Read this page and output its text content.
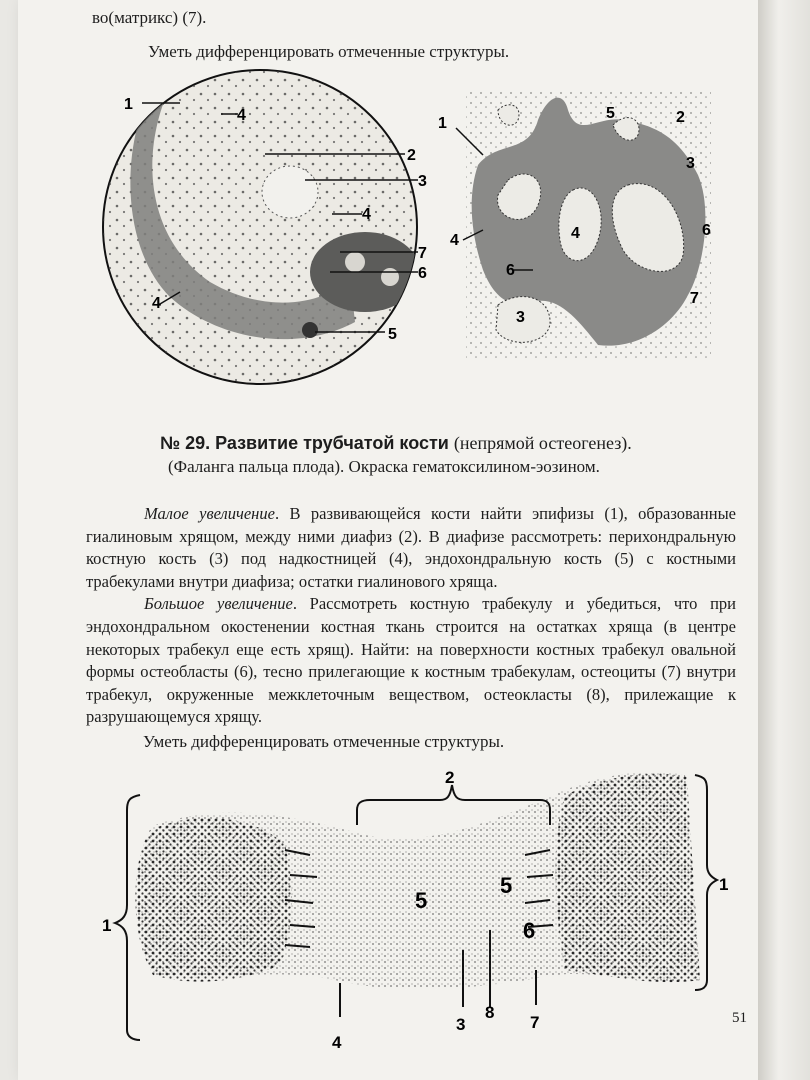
во(матрикс) (7).
Уметь дифференцировать отмеченные структуры.
1
4
2
3
4
7
6
4
5
1
5	2
3
4	4
6
6
7
3
№ 29. Развитие трубчатой кости (непрямой остеогенез).
(Фаланга пальца плода). Окраска гематоксилином-эозином.

Малое увеличение. В развивающейся кости найти эпифизы (1), образованные гиалиновым хрящом, между ними диафиз (2). В диафизе рассмотреть: перихондральную костную кость (3) под надкостницей (4), эндохондральную кость (5) с костными трабекулами внутри диафиза; остатки гиалинового хряща.

Большое увеличение. Рассмотреть костную трабекулу и убедиться, что при эндохондральном окостенении костная ткань строится на остатках хряща (в центре некоторых трабекул еще есть хрящ). Найти: на поверхности костных трабекул овальной формы остеобласты (6), тесно прилегающие к костным трабекулам, остеоциты (7) внутри трабекул, окруженные межклеточным веществом, остеокласты (8), прилежащие к разрушающемуся хрящу.

Уметь дифференцировать отмеченные структуры.
2
1
1
5
5
6
4
3
8
7	51
